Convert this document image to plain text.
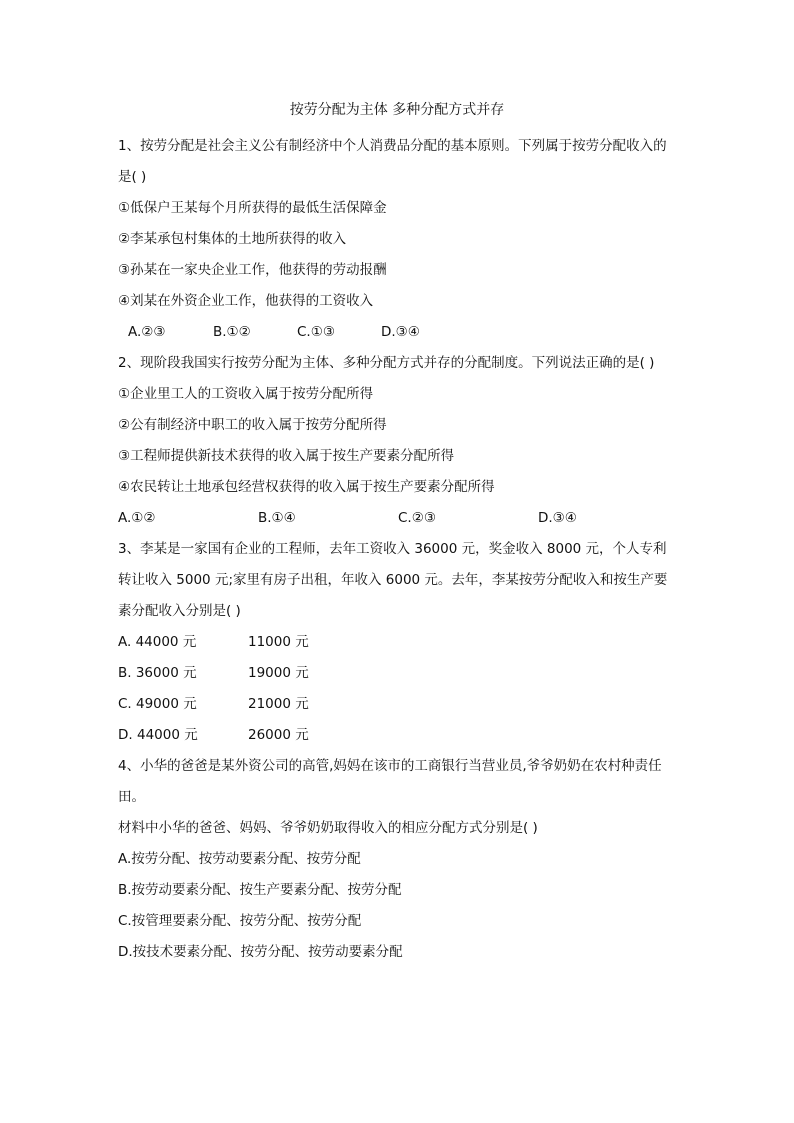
按劳分配为主体 多种分配方式并存
1、按劳分配是社会主义公有制经济中个人消费品分配的基本原则。下列属于按劳分配收入的是( )
①低保户王某每个月所获得的最低生活保障金
②李某承包村集体的土地所获得的收入
③孙某在一家央企业工作，他获得的劳动报酬
④刘某在外资企业工作，他获得的工资收入
A.②③	B.①②	C.①③	D.③④
2、现阶段我国实行按劳分配为主体、多种分配方式并存的分配制度。下列说法正确的是( )
①企业里工人的工资收入属于按劳分配所得
②公有制经济中职工的收入属于按劳分配所得
③工程师提供新技术获得的收入属于按生产要素分配所得
④农民转让土地承包经营权获得的收入属于按生产要素分配所得
A.①②	B.①④	C.②③	D.③④
3、李某是一家国有企业的工程师，去年工资收入 36000 元，奖金收入 8000 元，个人专利转让收入 5000 元;家里有房子出租，年收入 6000 元。去年，李某按劳分配收入和按生产要素分配收入分别是( )
A. 44000 元	11000 元
B. 36000 元	19000 元
C. 49000 元	21000 元
D. 44000 元	26000 元
4、小华的爸爸是某外资公司的高管,妈妈在该市的工商银行当营业员,爷爷奶奶在农村种责任田。
材料中小华的爸爸、妈妈、爷爷奶奶取得收入的相应分配方式分别是( )
A.按劳分配、按劳动要素分配、按劳分配
B.按劳动要素分配、按生产要素分配、按劳分配
C.按管理要素分配、按劳分配、按劳分配
D.按技术要素分配、按劳分配、按劳动要素分配
